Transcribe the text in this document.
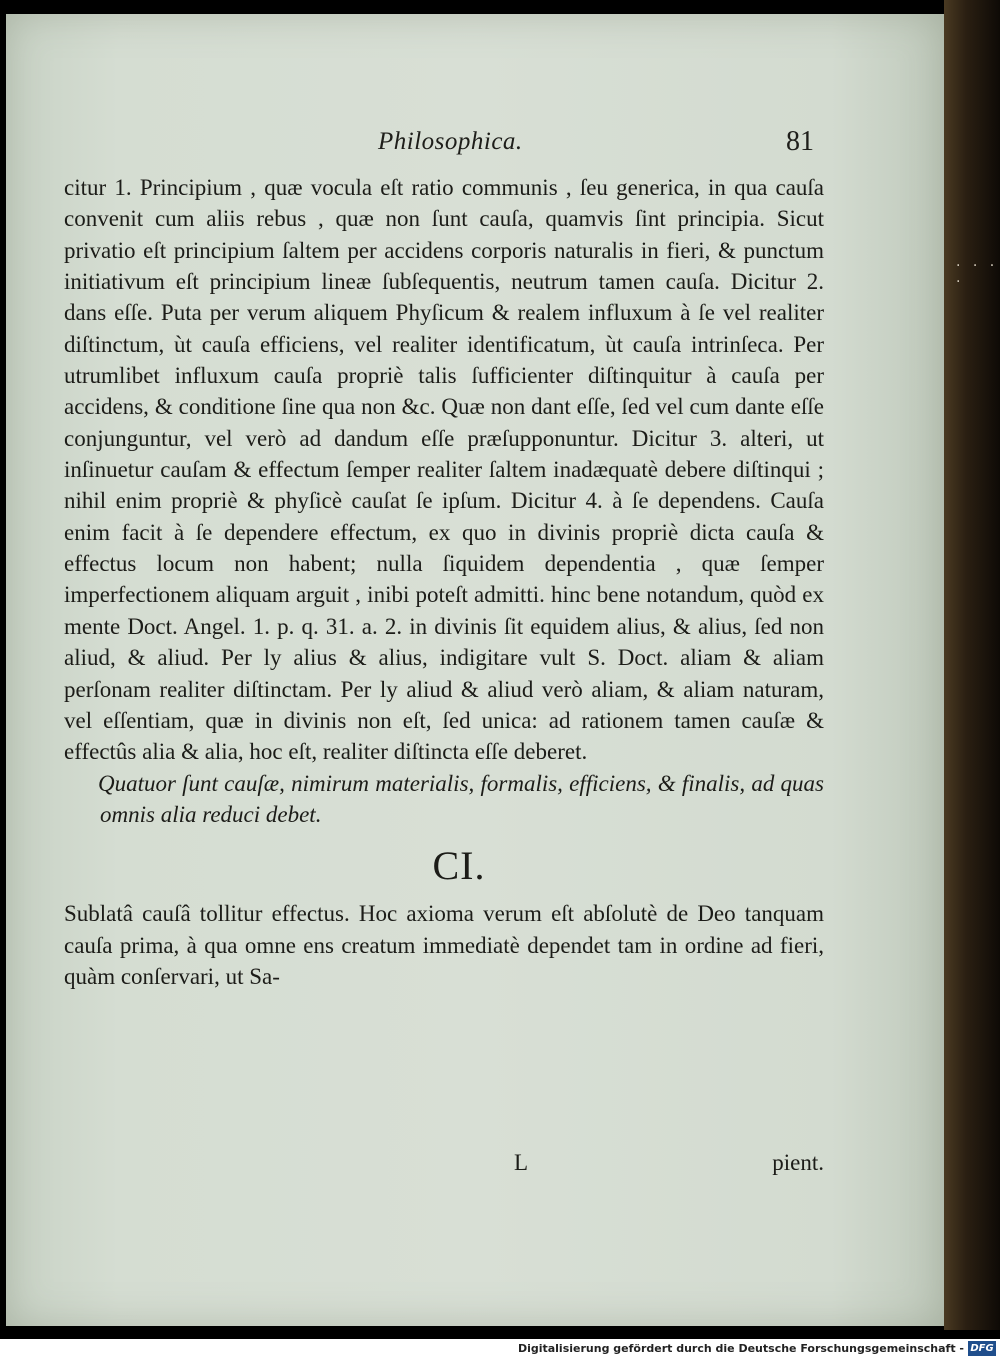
Philosophica.	81

citur 1. Principium , quæ vocula eſt ratio communis , ſeu generica, in qua cauſa convenit cum aliis rebus , quæ non ſunt cauſa, quamvis ſint principia. Sicut privatio eſt principium ſaltem per accidens corporis naturalis in fieri, & punctum initiativum eſt principium lineæ ſubſequentis, neutrum tamen cauſa. Dicitur 2. dans eſſe. Puta per verum aliquem Phyſicum & realem influxum à ſe vel realiter diſtinctum, ùt cauſa efficiens, vel realiter identificatum, ùt cauſa intrinſeca. Per utrumlibet influxum cauſa propriè talis ſufficienter diſtinquitur à cauſa per accidens, & conditione ſine qua non &c. Quæ non dant eſſe, ſed vel cum dante eſſe conjunguntur, vel verò ad dandum eſſe præſupponuntur. Dicitur 3. alteri, ut inſinuetur cauſam & effectum ſemper realiter ſaltem inadæquatè debere diſtinqui ; nihil enim propriè & phyſicè cauſat ſe ipſum. Dicitur 4. à ſe dependens. Cauſa enim facit à ſe dependere effectum, ex quo in divinis propriè dicta cauſa & effectus locum non habent; nulla ſiquidem dependentia , quæ ſemper imperfectionem aliquam arguit , inibi poteſt admitti. hinc bene notandum, quòd ex mente Doct. Angel. 1. p. q. 31. a. 2. in divinis ſit equidem alius, & alius, ſed non aliud, & aliud. Per ly alius & alius, indigitare vult S. Doct. aliam & aliam perſonam realiter diſtinctam. Per ly aliud & aliud verò aliam, & aliam naturam, vel eſſentiam, quæ in divinis non eſt, ſed unica: ad rationem tamen cauſæ & effectûs alia & alia, hoc eſt, realiter diſtincta eſſe deberet.

Quatuor ſunt cauſæ, nimirum materialis, formalis, efficiens, & finalis, ad quas omnis alia reduci debet.

CI.

Sublatâ cauſâ tollitur effectus. Hoc axioma verum eſt abſolutè de Deo tanquam cauſa prima, à qua omne ens creatum immediatè dependet tam in ordine ad fieri, quàm conſervari, ut Sa-

L	pient.
· · · ·
Digitalisierung gefördert durch die Deutsche Forschungsgemeinschaft - DFG
